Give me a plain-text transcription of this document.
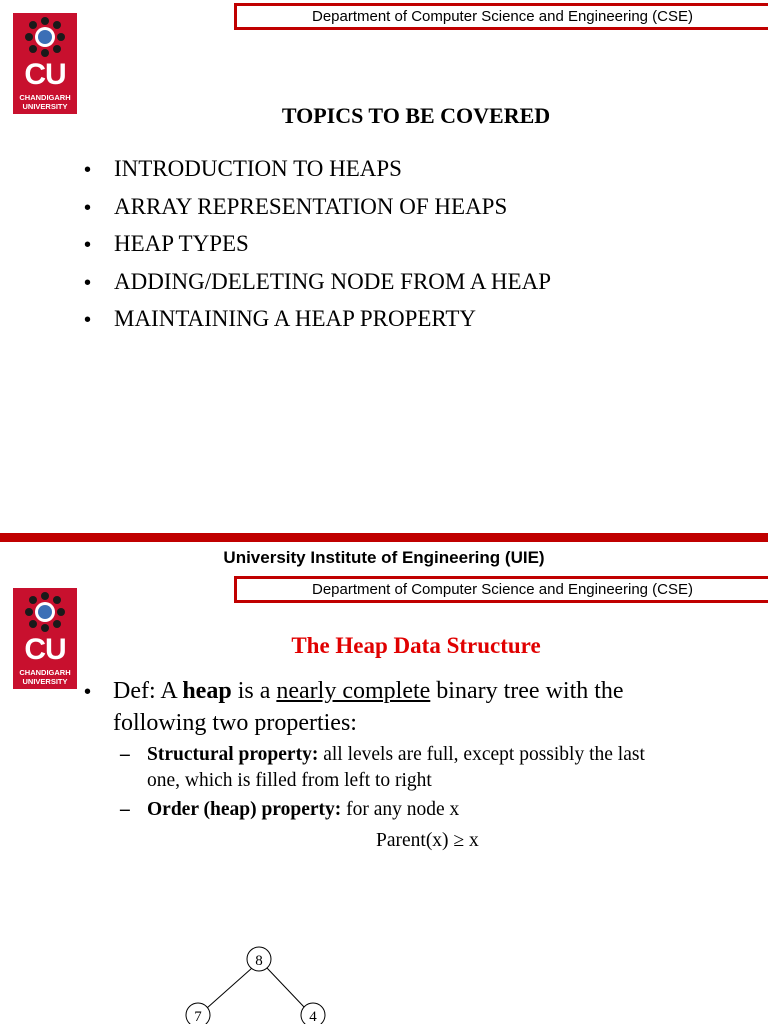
Department of Computer Science and Engineering (CSE)
CU
CHANDIGARH
UNIVERSITY	TOPICS TO BE COVERED
• INTRODUCTION TO HEAPS
• ARRAY REPRESENTATION OF HEAPS
• HEAP TYPES
• ADDING/DELETING NODE FROM A HEAP
• MAINTAINING A HEAP PROPERTY
University Institute of Engineering (UIE)
Department of Computer Science and Engineering (CSE)
CU
CHANDIGARH
UNIVERSITY
The Heap Data Structure
• Def: A heap is a nearly complete binary tree with the
following two properties:
– Structural property: all levels are full, except possibly the last
one, which is filled from left to right
– Order (heap) property: for any node x
Parent(x) ≥ x
8
7	4
